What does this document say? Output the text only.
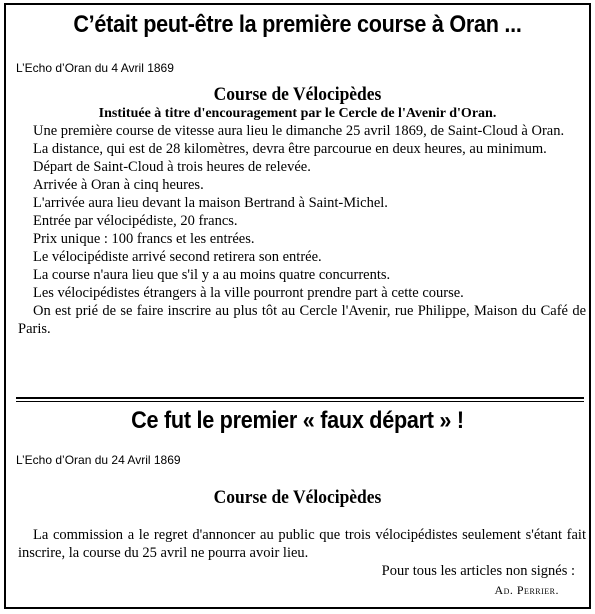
C’était peut-être la première course à Oran ...
L’Echo d’Oran du 4 Avril 1869
Course de Vélocipèdes
Instituée à titre d'encouragement par le Cercle de l'Avenir d'Oran.

Une première course de vitesse aura lieu le dimanche 25 avril 1869, de Saint-Cloud à Oran.

La distance, qui est de 28 kilomètres, devra être parcourue en deux heures, au minimum.

Départ de Saint-Cloud à trois heures de relevée.

Arrivée à Oran à cinq heures.

L'arrivée aura lieu devant la maison Bertrand à Saint-Michel.

Entrée par vélocipédiste, 20 francs.

Prix unique : 100 francs et les entrées.

Le vélocipédiste arrivé second retirera son entrée.

La course n'aura lieu que s'il y a au moins quatre concurrents.

Les vélocipédistes étrangers à la ville pourront prendre part à cette course.

On est prié de se faire inscrire au plus tôt au Cercle l'Avenir, rue Philippe, Maison du Café de Paris.

Ce fut le premier « faux départ » !
L’Echo d’Oran du 24 Avril 1869
Course de Vélocipèdes

La commission a le regret d'annoncer au public que trois vélocipédistes seulement s'étant fait inscrire, la course du 25 avril ne pourra avoir lieu.

Pour tous les articles non signés :
Ad. Perrier.
